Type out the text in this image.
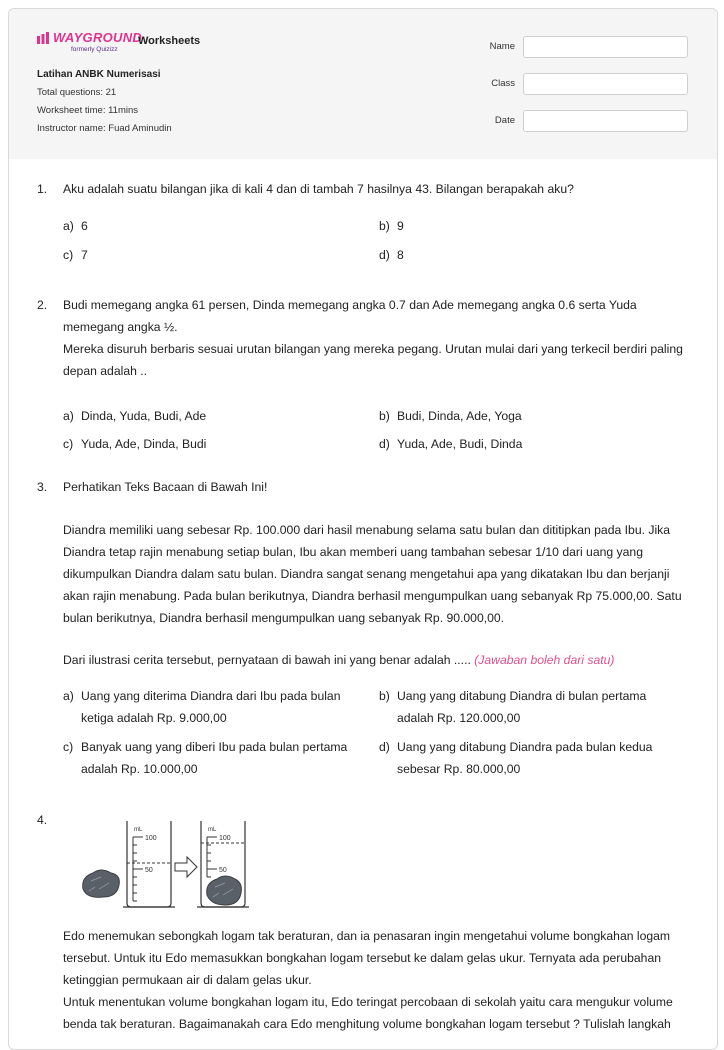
WAYGROUND
formerly Quizizz
Worksheets
Latihan ANBK Numerisasi
Total questions: 21
Worksheet time: 11mins
Instructor name: Fuad Aminudin
Name
Class
Date
1. Aku adalah suatu bilangan jika di kali 4 dan di tambah 7 hasilnya 43. Bilangan berapakah aku?

a) 6	b) 9
c) 7	d) 8
2. Budi memegang angka 61 persen, Dinda memegang angka 0.7 dan Ade memegang angka 0.6 serta Yuda memegang angka ½.

Mereka disuruh berbaris sesuai urutan bilangan yang mereka pegang. Urutan mulai dari yang terkecil berdiri paling depan adalah ..

a) Dinda, Yuda, Budi, Ade	b) Budi, Dinda, Ade, Yoga
c) Yuda, Ade, Dinda, Budi	d) Yuda, Ade, Budi, Dinda
3. Perhatikan Teks Bacaan di Bawah Ini!
Diandra memiliki uang sebesar Rp. 100.000 dari hasil menabung selama satu bulan dan dititipkan pada Ibu. Jika Diandra tetap rajin menabung setiap bulan, Ibu akan memberi uang tambahan sebesar 1/10 dari uang yang dikumpulkan Diandra dalam satu bulan. Diandra sangat senang mengetahui apa yang dikatakan Ibu dan berjanji akan rajin menabung. Pada bulan berikutnya, Diandra berhasil mengumpulkan uang sebanyak Rp 75.000,00. Satu bulan berikutnya, Diandra berhasil mengumpulkan uang sebanyak Rp. 90.000,00.
Dari ilustrasi cerita tersebut, pernyataan di bawah ini yang benar adalah ..... (Jawaban boleh dari satu)
a) Uang yang diterima Diandra dari Ibu pada bulan ketiga adalah Rp. 9.000,00
b) Uang yang ditabung Diandra di bulan pertama adalah Rp. 120.000,00
c) Banyak uang yang diberi Ibu pada bulan pertama adalah Rp. 10.000,00
d) Uang yang ditabung Diandra pada bulan kedua sebesar Rp. 80.000,00
4.
mL
100
50
mL
100
50

Edo menemukan sebongkah logam tak beraturan, dan ia penasaran ingin mengetahui volume bongkahan logam tersebut. Untuk itu Edo memasukkan bongkahan logam tersebut ke dalam gelas ukur. Ternyata ada perubahan ketinggian permukaan air di dalam gelas ukur.

Untuk menentukan volume bongkahan logam itu, Edo teringat percobaan di sekolah yaitu cara mengukur volume benda tak beraturan. Bagaimanakah cara Edo menghitung volume bongkahan logam tersebut ? Tulislah langkah
